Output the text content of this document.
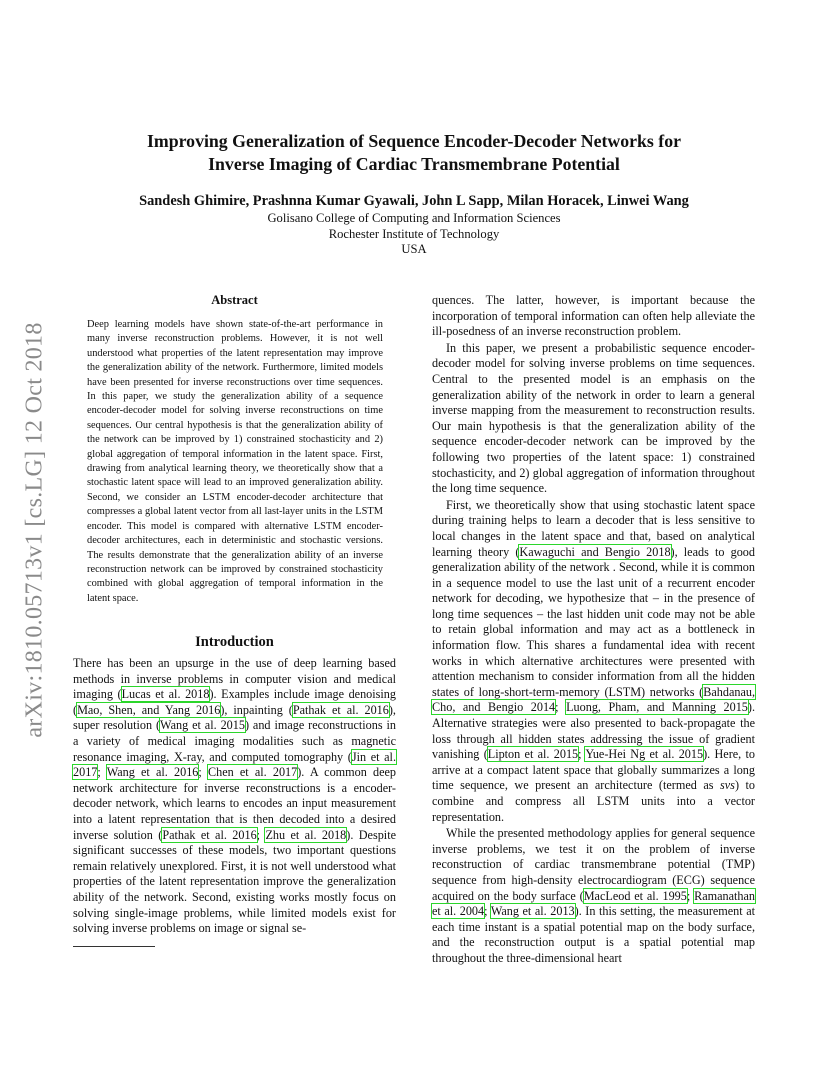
arXiv:1810.05713v1 [cs.LG] 12 Oct 2018
Improving Generalization of Sequence Encoder-Decoder Networks for
Inverse Imaging of Cardiac Transmembrane Potential
Sandesh Ghimire, Prashnna Kumar Gyawali, John L Sapp, Milan Horacek, Linwei Wang
Golisano College of Computing and Information Sciences
Rochester Institute of Technology
USA
Abstract

Deep learning models have shown state-of-the-art performance in many inverse reconstruction problems. However, it is not well understood what properties of the latent representation may improve the generalization ability of the network. Furthermore, limited models have been presented for inverse reconstructions over time sequences. In this paper, we study the generalization ability of a sequence encoder-decoder model for solving inverse reconstructions on time sequences. Our central hypothesis is that the generalization ability of the network can be improved by 1) constrained stochasticity and 2) global aggregation of temporal information in the latent space. First, drawing from analytical learning theory, we theoretically show that a stochastic latent space will lead to an improved generalization ability. Second, we consider an LSTM encoder-decoder architecture that compresses a global latent vector from all last-layer units in the LSTM encoder. This model is compared with alternative LSTM encoder-decoder architectures, each in deterministic and stochastic versions. The results demonstrate that the generalization ability of an inverse reconstruction network can be improved by constrained stochasticity combined with global aggregation of temporal information in the latent space.

Introduction

There has been an upsurge in the use of deep learning based methods in inverse problems in computer vision and medical imaging (Lucas et al. 2018). Examples include image denoising (Mao, Shen, and Yang 2016), inpainting (Pathak et al. 2016), super resolution (Wang et al. 2015) and image reconstructions in a variety of medical imaging modalities such as magnetic resonance imaging, X-ray, and computed tomography (Jin et al. 2017; Wang et al. 2016; Chen et al. 2017). A common deep network architecture for inverse reconstructions is a encoder-decoder network, which learns to encodes an input measurement into a latent representation that is then decoded into a desired inverse solution (Pathak et al. 2016; Zhu et al. 2018). Despite significant successes of these models, two important questions remain relatively unexplored. First, it is not well understood what properties of the latent representation improve the generalization ability of the network. Second, existing works mostly focus on solving single-image problems, while limited models exist for solving inverse problems on image or signal se-

quences. The latter, however, is important because the incorporation of temporal information can often help alleviate the ill-posedness of an inverse reconstruction problem.

In this paper, we present a probabilistic sequence encoder-decoder model for solving inverse problems on time sequences. Central to the presented model is an emphasis on the generalization ability of the network in order to learn a general inverse mapping from the measurement to reconstruction results. Our main hypothesis is that the generalization ability of the sequence encoder-decoder network can be improved by the following two properties of the latent space: 1) constrained stochasticity, and 2) global aggregation of information throughout the long time sequence.

First, we theoretically show that using stochastic latent space during training helps to learn a decoder that is less sensitive to local changes in the latent space and that, based on analytical learning theory (Kawaguchi and Bengio 2018), leads to good generalization ability of the network . Second, while it is common in a sequence model to use the last unit of a recurrent encoder network for decoding, we hypothesize that – in the presence of long time sequences – the last hidden unit code may not be able to retain global information and may act as a bottleneck in information flow. This shares a fundamental idea with recent works in which alternative architectures were presented with attention mechanism to consider information from all the hidden states of long-short-term-memory (LSTM) networks (Bahdanau, Cho, and Bengio 2014; Luong, Pham, and Manning 2015). Alternative strategies were also presented to back-propagate the loss through all hidden states addressing the issue of gradient vanishing (Lipton et al. 2015; Yue-Hei Ng et al. 2015). Here, to arrive at a compact latent space that globally summarizes a long time sequence, we present an architecture (termed as svs) to combine and compress all LSTM units into a vector representation.

While the presented methodology applies for general sequence inverse problems, we test it on the problem of inverse reconstruction of cardiac transmembrane potential (TMP) sequence from high-density electrocardiogram (ECG) sequence acquired on the body surface (MacLeod et al. 1995; Ramanathan et al. 2004; Wang et al. 2013). In this setting, the measurement at each time instant is a spatial potential map on the body surface, and the reconstruction output is a spatial potential map throughout the three-dimensional heart
